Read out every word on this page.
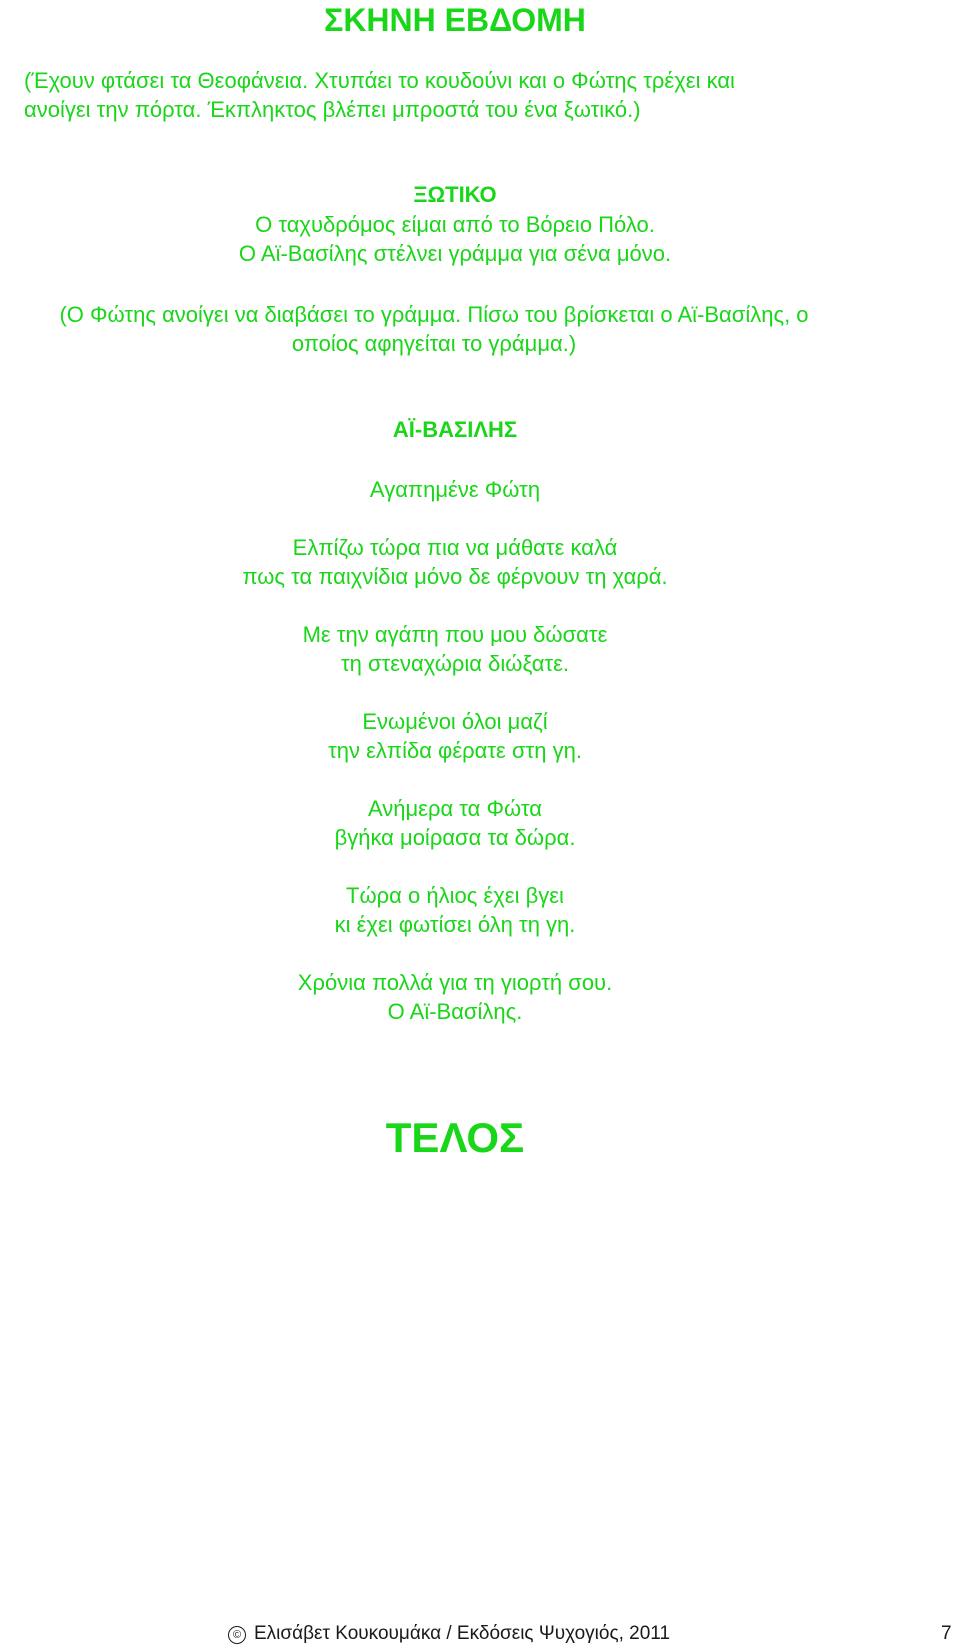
ΣΚΗΝΗ ΕΒΔΟΜΗ
(Έχουν φτάσει τα Θεοφάνεια. Χτυπάει το κουδούνι και ο Φώτης τρέχει και
ανοίγει την πόρτα. Έκπληκτος βλέπει μπροστά του ένα ξωτικό.)
ΞΩΤΙΚΟ
Ο ταχυδρόμος είμαι από το Βόρειο Πόλο.
Ο Αϊ-Βασίλης στέλνει γράμμα για σένα μόνο.
(Ο Φώτης ανοίγει να διαβάσει το γράμμα. Πίσω του βρίσκεται ο Αϊ-Βασίλης, ο
οποίος αφηγείται το γράμμα.)
ΑΪ-ΒΑΣΙΛΗΣ
Αγαπημένε Φώτη
Ελπίζω τώρα πια να μάθατε καλά
πως τα παιχνίδια μόνο δε φέρνουν τη χαρά.
Με την αγάπη που μου δώσατε
τη στεναχώρια διώξατε.
Ενωμένοι όλοι μαζί
την ελπίδα φέρατε στη γη.
Ανήμερα τα Φώτα
βγήκα μοίρασα τα δώρα.
Τώρα ο ήλιος έχει βγει
κι έχει φωτίσει όλη τη γη.
Χρόνια πολλά για τη γιορτή σου.
Ο Αϊ-Βασίλης.
ΤΕΛΟΣ
© Ελισάβετ Κουκουμάκα / Εκδόσεις Ψυχογιός, 2011	7
